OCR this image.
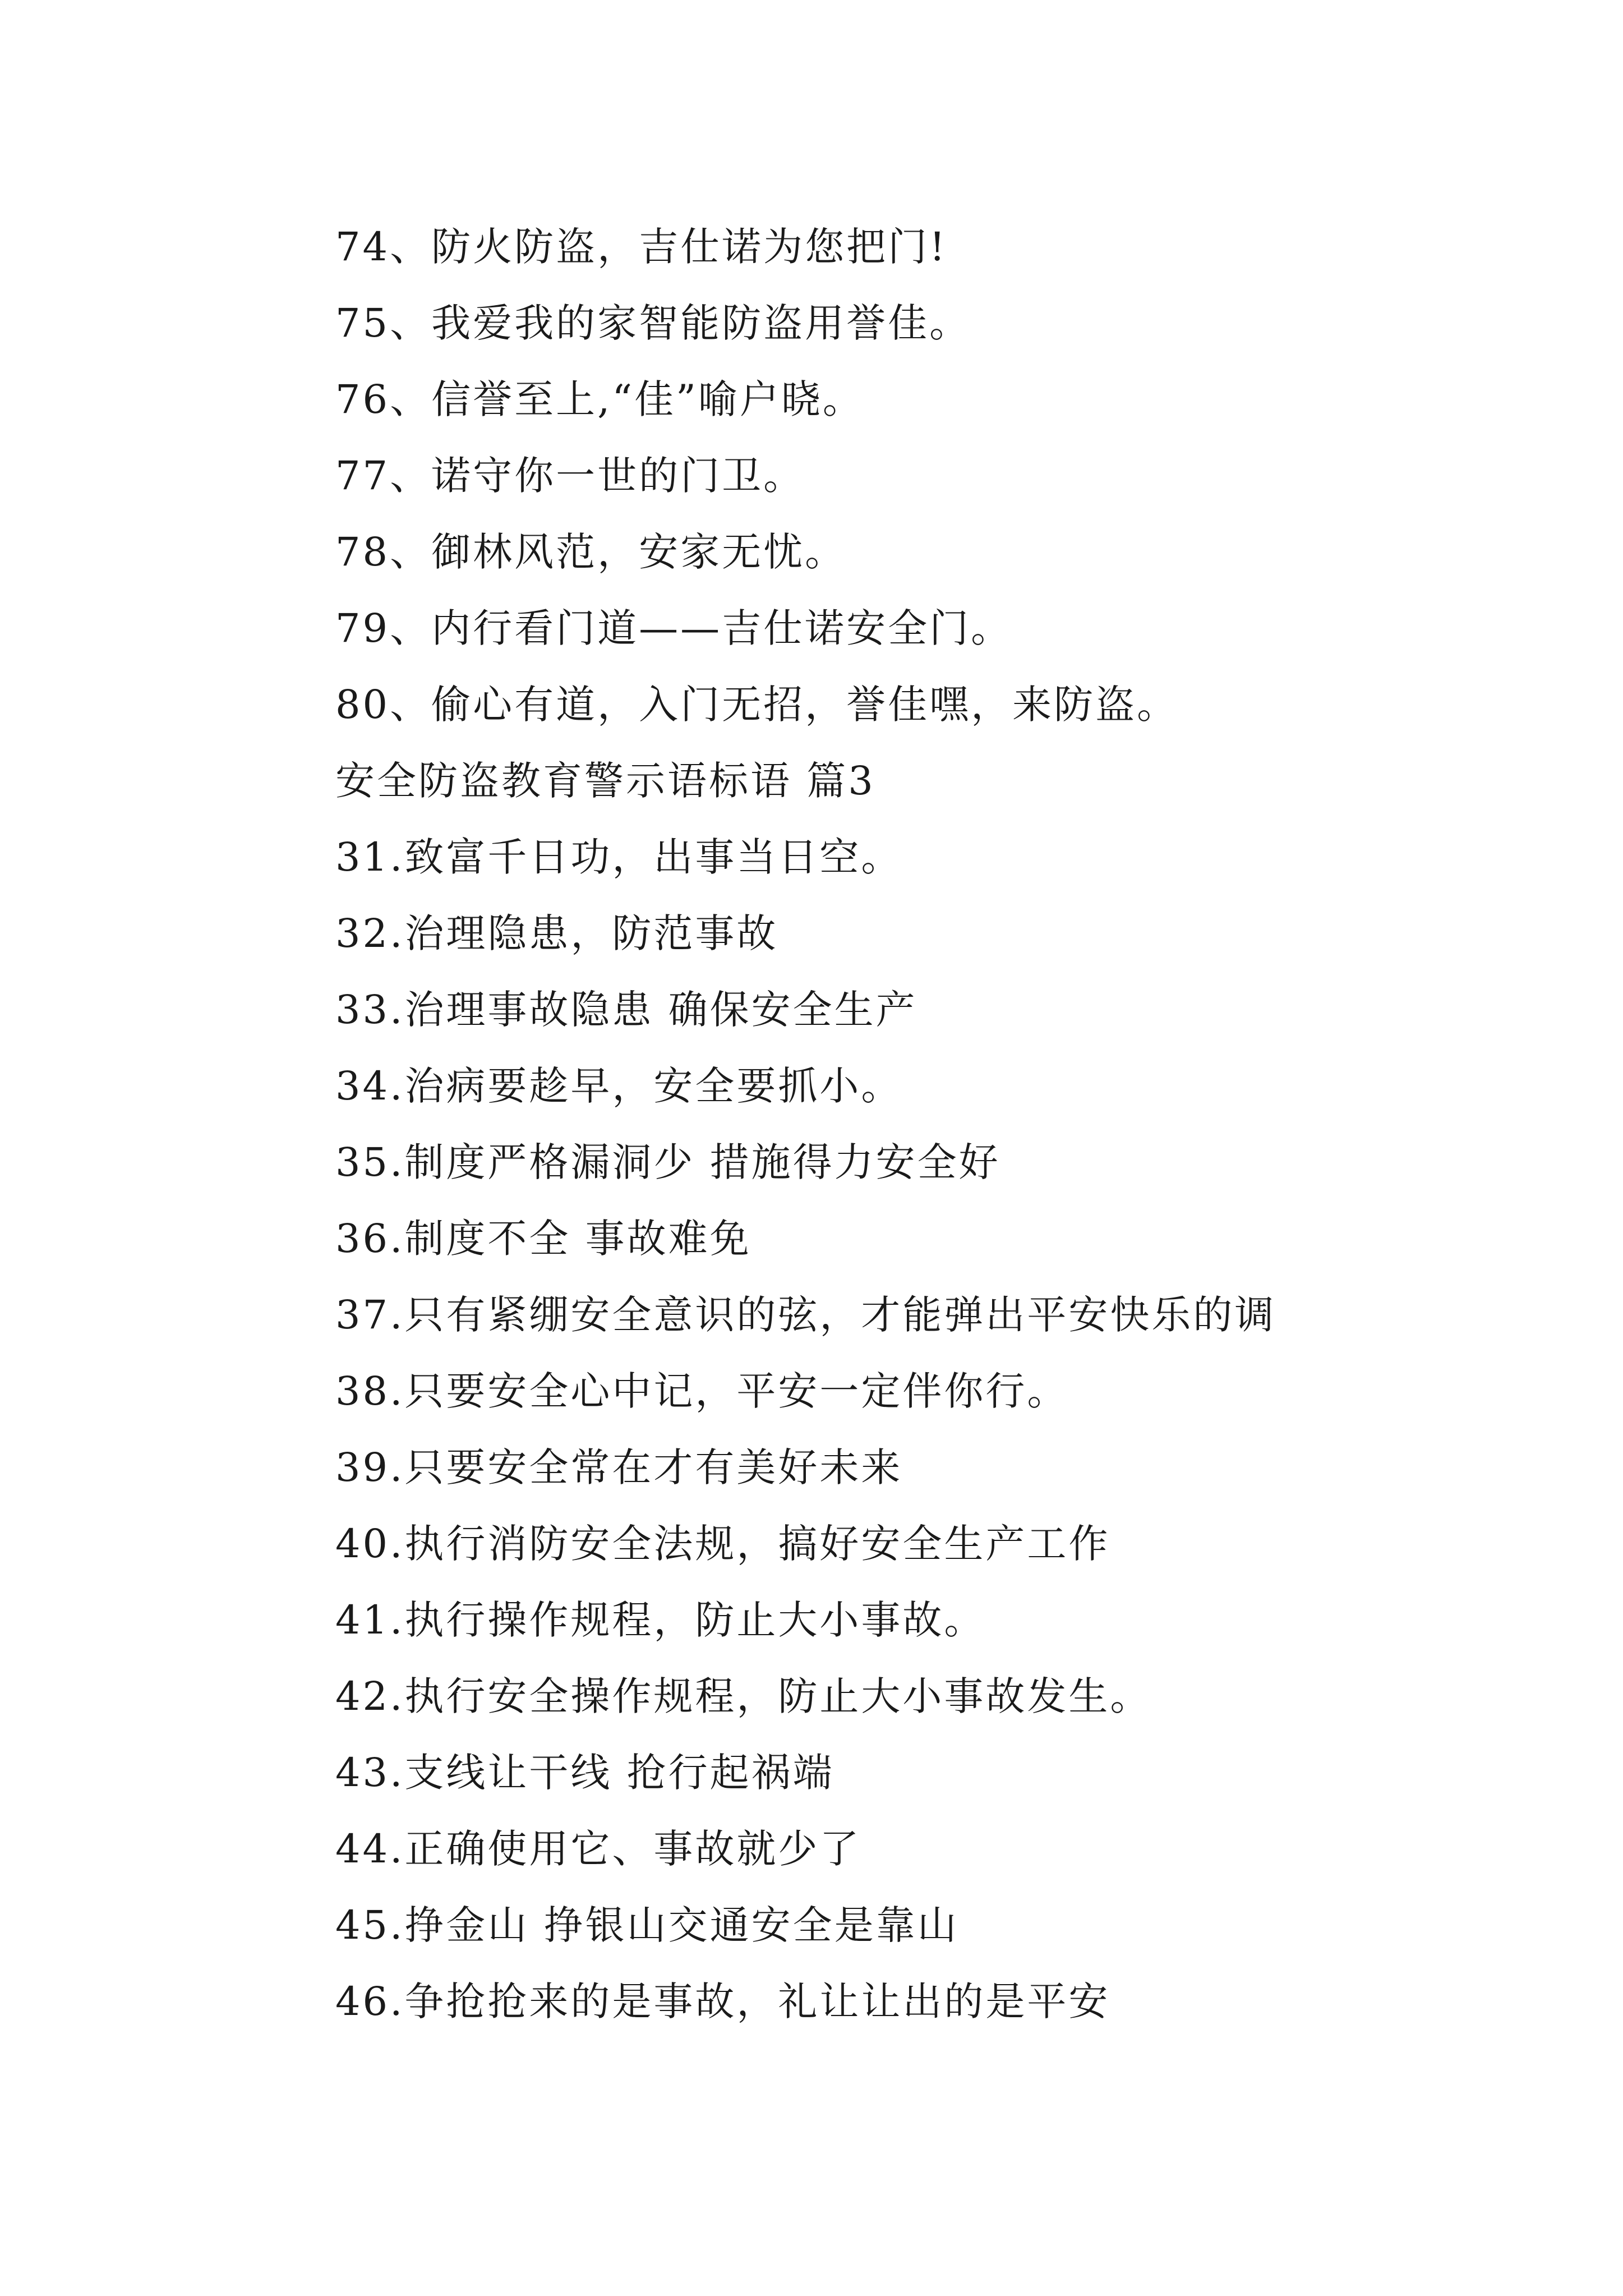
74、防火防盗，吉仕诺为您把门!
75、我爱我的家智能防盗用誉佳。
76、信誉至上,“佳”喻户晓。
77、诺守你一世的门卫。
78、御林风范，安家无忧。
79、内行看门道——吉仕诺安全门。
80、偷心有道，入门无招，誉佳嘿，来防盗。
安全防盗教育警示语标语 篇3
31.致富千日功，出事当日空。
32.治理隐患，防范事故
33.治理事故隐患 确保安全生产
34.治病要趁早，安全要抓小。
35.制度严格漏洞少 措施得力安全好
36.制度不全 事故难免
37.只有紧绷安全意识的弦，才能弹出平安快乐的调
38.只要安全心中记，平安一定伴你行。
39.只要安全常在才有美好未来
40.执行消防安全法规，搞好安全生产工作
41.执行操作规程，防止大小事故。
42.执行安全操作规程，防止大小事故发生。
43.支线让干线 抢行起祸端
44.正确使用它、事故就少了
45.挣金山 挣银山交通安全是靠山
46.争抢抢来的是事故，礼让让出的是平安
